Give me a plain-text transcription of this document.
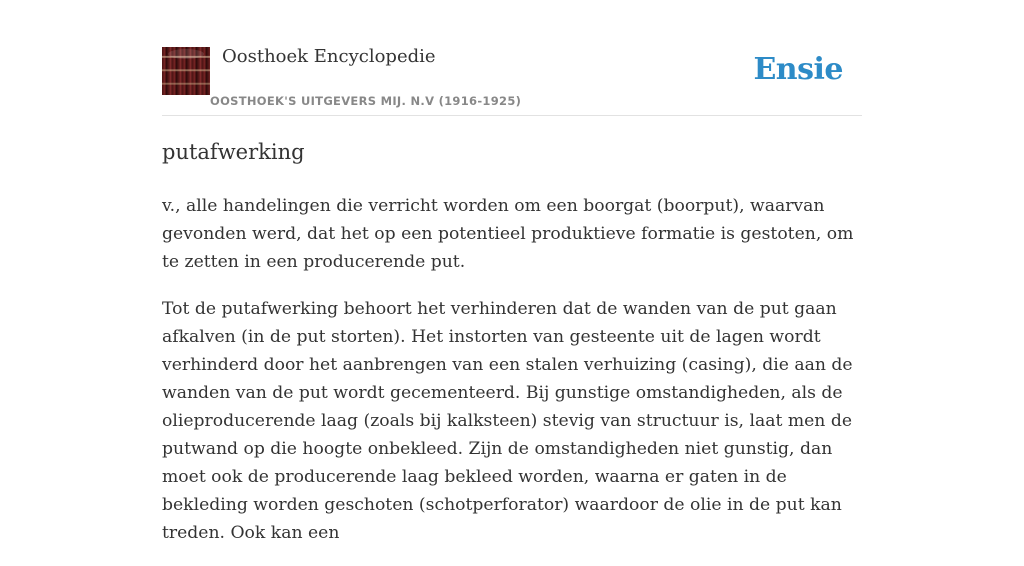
Oosthoek Encyclopedie
OOSTHOEK'S UITGEVERS MIJ. N.V (1916-1925)
Ensie
putafwerking

v., alle handelingen die verricht worden om een boorgat (boorput), waarvan gevonden werd, dat het op een potentieel produktieve formatie is gestoten, om te zetten in een producerende put.

Tot de putafwerking behoort het verhinderen dat de wanden van de put gaan afkalven (in de put storten). Het instorten van gesteente uit de lagen wordt verhinderd door het aanbrengen van een stalen verhuizing (casing), die aan de wanden van de put wordt gecementeerd. Bij gunstige omstandigheden, als de olieproducerende laag (zoals bij kalksteen) stevig van structuur is, laat men de putwand op die hoogte onbekleed. Zijn de omstandigheden niet gunstig, dan moet ook de producerende laag bekleed worden, waarna er gaten in de bekleding worden geschoten (schotperforator) waardoor de olie in de put kan treden. Ook kan een
